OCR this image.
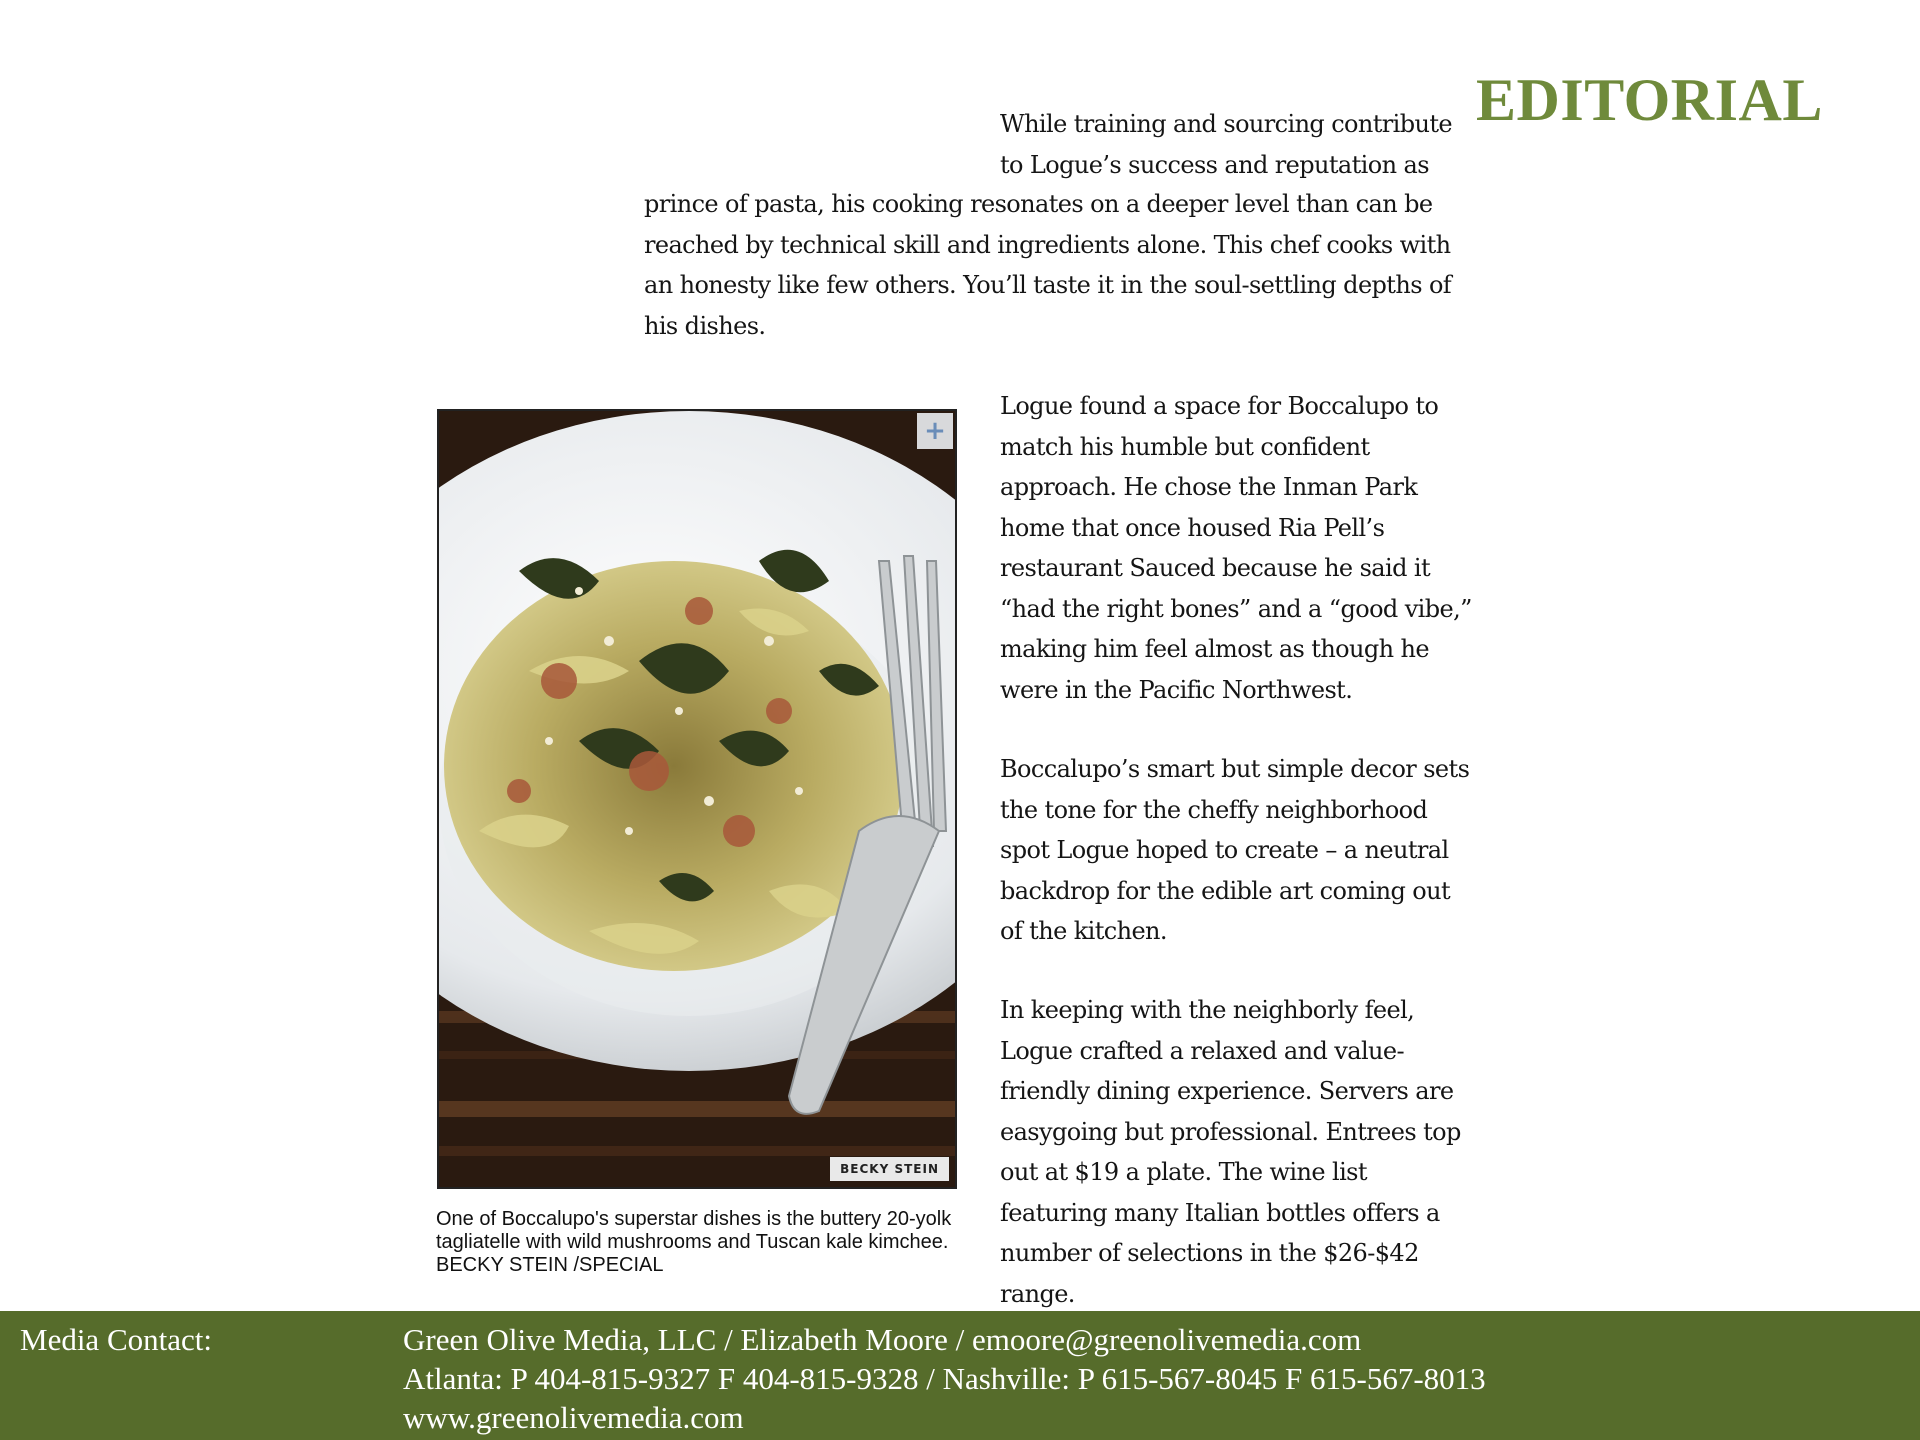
EDITORIAL
While training and sourcing contribute
to Logue’s success and reputation as

prince of pasta, his cooking resonates on a deeper level than can be reached by technical skill and ingredients alone. This chef cooks with an honesty like few others. You’ll taste it in the soul-settling depths of his dishes.

+
BECKY STEIN

One of Boccalupo's superstar dishes is the buttery 20-yolk tagliatelle with wild mushrooms and Tuscan kale kimchee. BECKY STEIN /SPECIAL

Logue found a space for Boccalupo to match his humble but confident approach. He chose the Inman Park home that once housed Ria Pell’s restaurant Sauced because he said it “had the right bones” and a “good vibe,” making him feel almost as though he were in the Pacific Northwest.

Boccalupo’s smart but simple decor sets the tone for the cheffy neighborhood spot Logue hoped to create – a neutral backdrop for the edible art coming out of the kitchen.

In keeping with the neighborly feel, Logue crafted a relaxed and value-friendly dining experience. Servers are easygoing but professional. Entrees top out at $19 a plate. The wine list featuring many Italian bottles offers a number of selections in the $26-$42 range.

Media Contact:	Green Olive Media, LLC / Elizabeth Moore / emoore@greenolivemedia.com
Atlanta: P 404-815-9327 F 404-815-9328 / Nashville: P 615-567-8045 F 615-567-8013
www.greenolivemedia.com
